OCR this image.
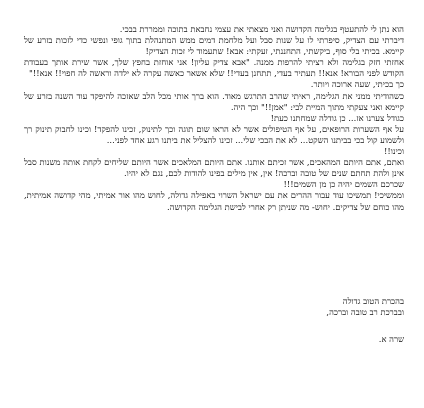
הוא נתן לי להתעטף בגלימה הקדושה ואני מצאתי את עצמי נחבאת בתוכה וממררת בבכי.

דיברתי עם הצדיק, סיפרתי לו על שנות סבל ועל מלחמת דמים ממש המתנהלת בתוך גופי ונפשי כדי לזכות בזרע של קיימא. בכיתי בלי סוף, ביקשתי, התחננתי, זעקתי: אבא! שתעמוד לי זכות הצדיק!

אחזתי חזק בגלימה ולא רציתי להרפות ממנה. "אבא צדיק עליון! אני אוחזת בחפץ שלך, אשר שירת אותך בעבודת הקודש לפני הבורא! אנא!! תעתיר בעדי, תתחנן בעדי!! שלא אשאר כאשה עקרה לא ילדה וראשה לה חפוי!! אנא!!"

כך בכיתי, שעה ארוכה ויותר.

כשהודיתי ממני את הגלימה, ראיתי שהרב התרגש מאוד. הוא ברך אותי מכל הלב שאזכה להיפקד עוד השנה בזרע של קיימא ואני צעקתי מתוך המיית לבי: "אמן!!" וכך היה.

כגודל צערנו אז... כן גודלה שמחתנו כעת!

על אף השערות הרופאים, על אף הטיפולים אשר לא הראו שום תוגה וכך לתינוק, זכינו להפקד! וכינו לחבוק תינוק רך ולשמוע קול בכי בביתנו השקט... לא את הבכי שלי... זכינו להצליל את ביתנו רגע אחד לפני...

וכינו!!

ואתם, אתם היותם המהאכים, אשר זכיתם אותנו. אתם היותם המלאכים אשר היותם שליחים לקחת אותה משנות סבל אינן ולהת תחתם שנים של טובה וברכה! אין, אין מילים בפינו להודות לכם, נגם לא יהיו.

שכרכם השמים יהיה כן מן השמים!!!

וממשיכי! תמשיכו עוד עבור ההרים את עם ישראל השרוי באפילה גדולה, לחוש מהו אור אמיתי, מהי קדושה אמיתית, מהו כוחם של צדיקים. יחוש- מה שניתן רק אחרי לבישת הגלימה הקדושה.

בהכרת הטוב גדולה
ובברכת רב טובה וברכה,
שרה א.
